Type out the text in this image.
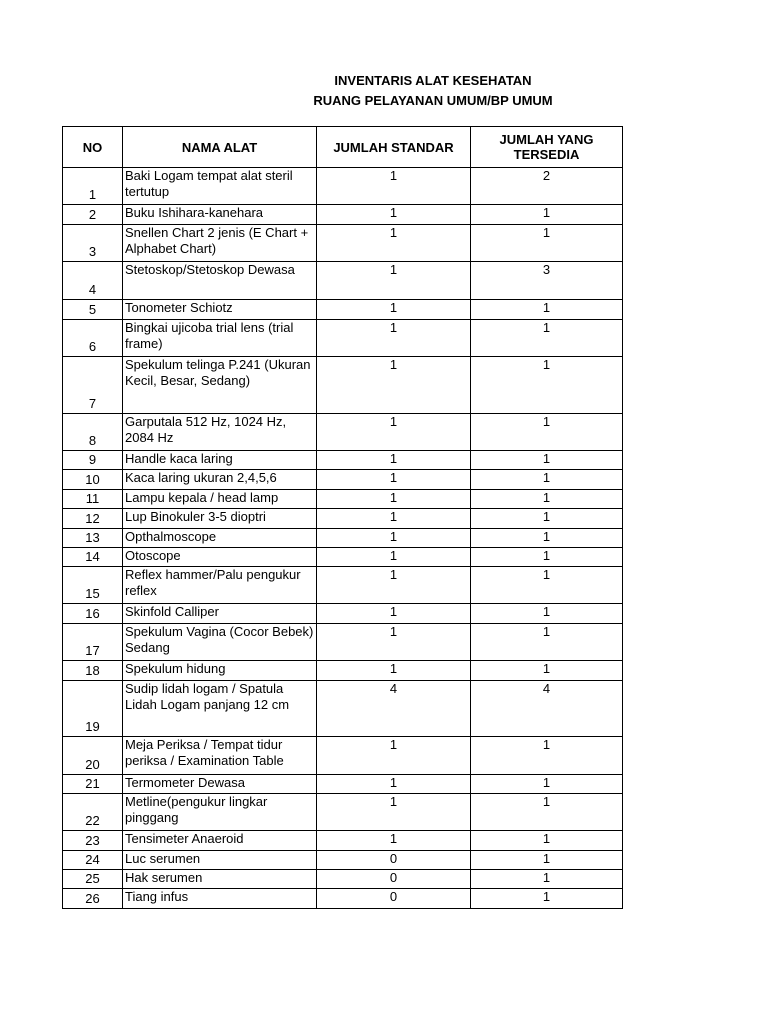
INVENTARIS ALAT KESEHATAN
RUANG PELAYANAN UMUM/BP UMUM
NO	NAMA ALAT	JUMLAH STANDAR	JUMLAH YANG TERSEDIA

1	Baki Logam tempat alat steril tertutup	1	2
2	Buku Ishihara-kanehara	1	1
3	Snellen Chart 2 jenis (E Chart + Alphabet Chart)	1	1
4	Stetoskop/Stetoskop Dewasa	1	3
5	Tonometer Schiotz	1	1
6	Bingkai ujicoba trial lens (trial frame)	1	1
7	Spekulum telinga P.241 (Ukuran Kecil, Besar, Sedang)	1	1
8	Garputala 512 Hz, 1024 Hz, 2084 Hz	1	1
9	Handle kaca laring	1	1
10	Kaca laring ukuran 2,4,5,6	1	1
11	Lampu kepala / head lamp	1	1
12	Lup Binokuler 3-5 dioptri	1	1
13	Opthalmoscope	1	1
14	Otoscope	1	1
15	Reflex hammer/Palu pengukur reflex	1	1
16	Skinfold Calliper	1	1
17	Spekulum Vagina (Cocor Bebek) Sedang	1	1
18	Spekulum hidung	1	1
19	Sudip lidah logam / Spatula Lidah Logam panjang 12 cm	4	4
20	Meja Periksa / Tempat tidur periksa / Examination Table	1	1
21	Termometer Dewasa	1	1
22	Metline(pengukur lingkar pinggang	1	1
23	Tensimeter Anaeroid	1	1
24	Luc serumen	0	1
25	Hak serumen	0	1
26	Tiang infus	0	1
